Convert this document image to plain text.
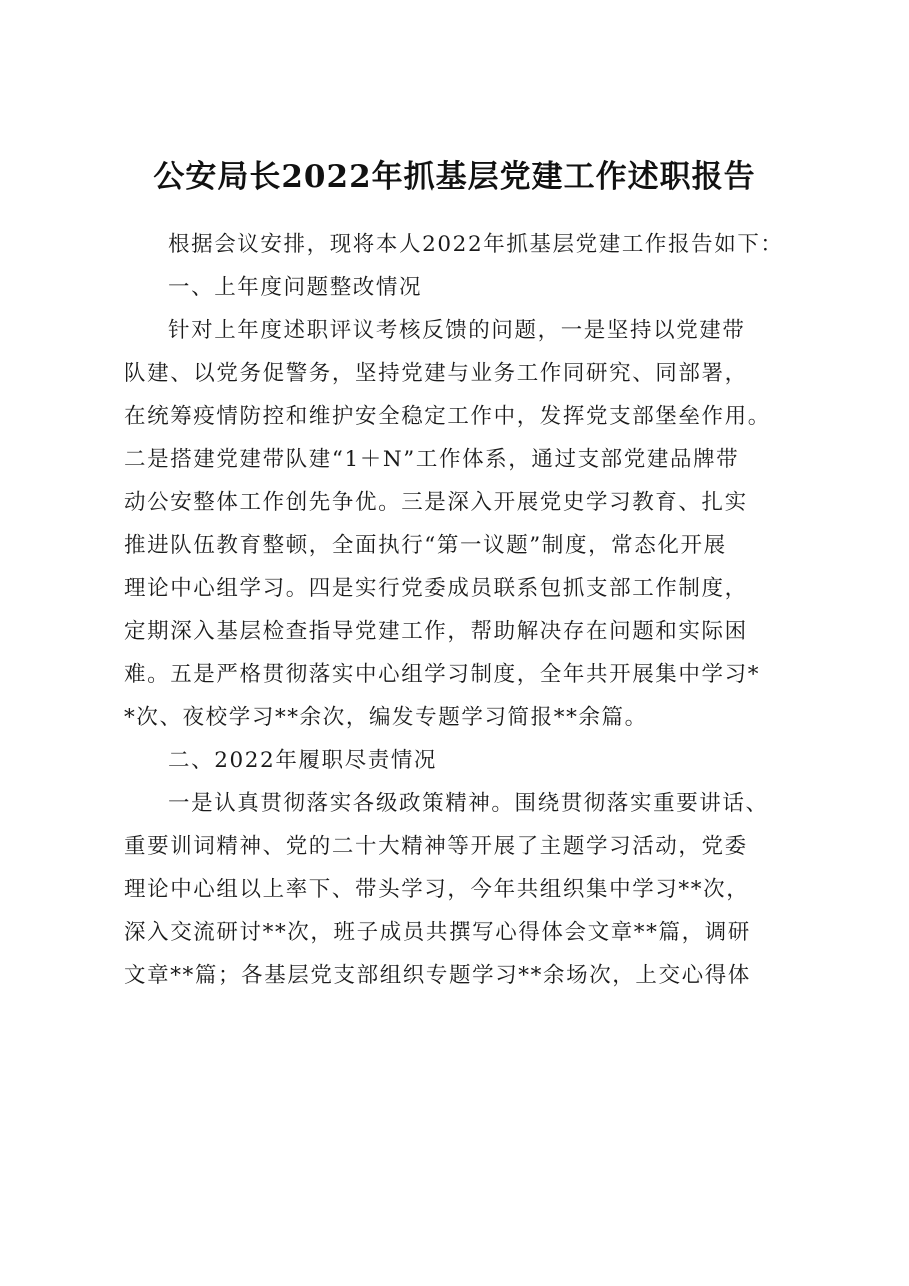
公安局长2022年抓基层党建工作述职报告
根据会议安排，现将本人2022年抓基层党建工作报告如下：
一、上年度问题整改情况
针对上年度述职评议考核反馈的问题，一是坚持以党建带
队建、以党务促警务，坚持党建与业务工作同研究、同部署，
在统筹疫情防控和维护安全稳定工作中，发挥党支部堡垒作用。
二是搭建党建带队建“1＋N”工作体系，通过支部党建品牌带
动公安整体工作创先争优。三是深入开展党史学习教育、扎实
推进队伍教育整顿，全面执行“第一议题”制度，常态化开展
理论中心组学习。四是实行党委成员联系包抓支部工作制度，
定期深入基层检查指导党建工作，帮助解决存在问题和实际困
难。五是严格贯彻落实中心组学习制度，全年共开展集中学习*
*次、夜校学习**余次，编发专题学习简报**余篇。
二、2022年履职尽责情况
一是认真贯彻落实各级政策精神。围绕贯彻落实重要讲话、
重要训词精神、党的二十大精神等开展了主题学习活动，党委
理论中心组以上率下、带头学习，今年共组织集中学习**次，
深入交流研讨**次，班子成员共撰写心得体会文章**篇，调研
文章**篇；各基层党支部组织专题学习**余场次，上交心得体
